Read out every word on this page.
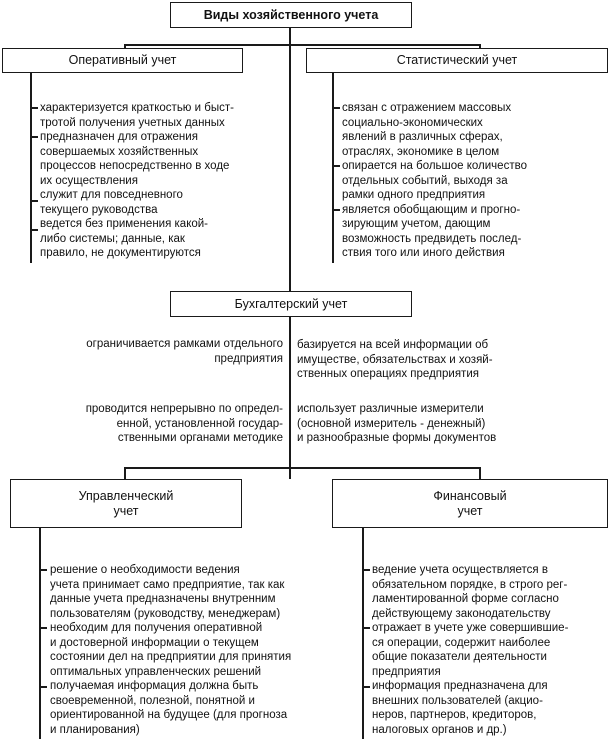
Виды хозяйственного учета
Оперативный учет	Статистический учет
Бухгалтерский учет
Управленческий
учет
Финансовый
учет
характеризуется краткостью и быст-
тротой получения учетных данных
предназначен для отражения
совершаемых хозяйственных
процессов непосредственно в ходе
их осуществления
служит для повседневного
текущего руководства
ведется без применения какой-
либо системы; данные, как
правило, не документируются
связан с отражением массовых
социально-экономических
явлений в различных сферах,
отраслях, экономике в целом
опирается на большое количество
отдельных событий, выходя за
рамки одного предприятия
является обобщающим и прогно-
зирующим учетом, дающим
возможность предвидеть послед-
ствия того или иного действия
ограничивается рамками отдельного
предприятия
базируется на всей информации об
имуществе, обязательствах и хозяй-
ственных операциях предприятия
проводится непрерывно по определ-
енной, установленной государ-
ственными органами методике
использует различные измерители
(основной измеритель - денежный)
и разнообразные формы документов
решение о необходимости ведения
учета принимает само предприятие, так как
данные учета предназначены внутренним
пользователям (руководству, менеджерам)
необходим для получения оперативной
и достоверной информации о текущем
состоянии дел на предприятии для принятия
оптимальных управленческих решений
получаемая информация должна быть
своевременной, полезной, понятной и
ориентированной на будущее (для прогноза
и планирования)
ведение учета осуществляется в
обязательном порядке, в строго рег-
ламентированной форме согласно
действующему законодательству
отражает в учете уже совершившие-
ся операции, содержит наиболее
общие показатели деятельности
предприятия
информация предназначена для
внешних пользователей (акцио-
неров, партнеров, кредиторов,
налоговых органов и др.)
